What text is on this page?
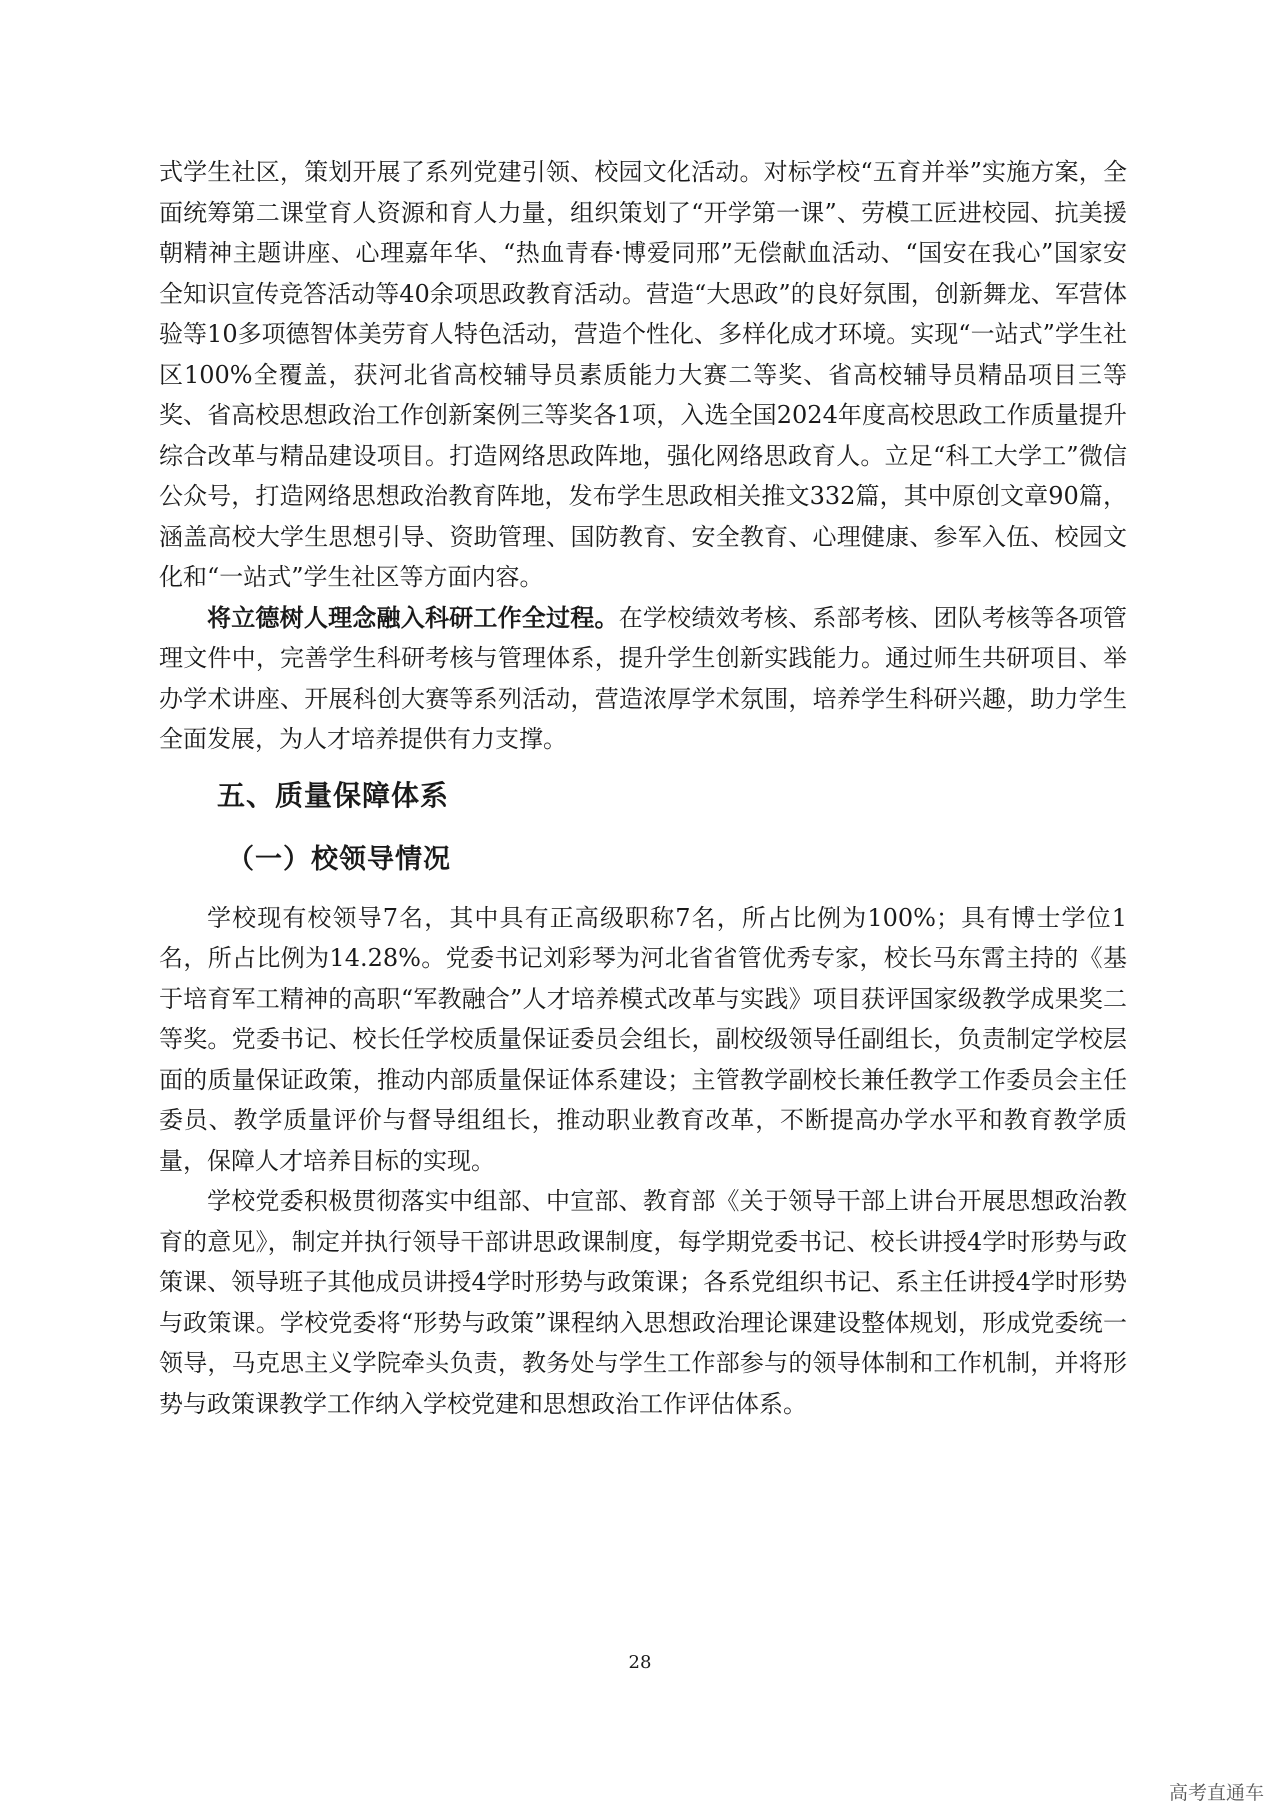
式学生社区，策划开展了系列党建引领、校园文化活动。对标学校“五育并举”实施方案，全面统筹第二课堂育人资源和育人力量，组织策划了“开学第一课”、劳模工匠进校园、抗美援朝精神主题讲座、心理嘉年华、“热血青春·博爱同邢”无偿献血活动、“国安在我心”国家安全知识宣传竞答活动等40余项思政教育活动。营造“大思政”的良好氛围，创新舞龙、军营体验等10多项德智体美劳育人特色活动，营造个性化、多样化成才环境。实现“一站式”学生社区100%全覆盖，获河北省高校辅导员素质能力大赛二等奖、省高校辅导员精品项目三等奖、省高校思想政治工作创新案例三等奖各1项，入选全国2024年度高校思政工作质量提升综合改革与精品建设项目。打造网络思政阵地，强化网络思政育人。立足“科工大学工”微信公众号，打造网络思想政治教育阵地，发布学生思政相关推文332篇，其中原创文章90篇，涵盖高校大学生思想引导、资助管理、国防教育、安全教育、心理健康、参军入伍、校园文化和“一站式”学生社区等方面内容。

将立德树人理念融入科研工作全过程。在学校绩效考核、系部考核、团队考核等各项管理文件中，完善学生科研考核与管理体系，提升学生创新实践能力。通过师生共研项目、举办学术讲座、开展科创大赛等系列活动，营造浓厚学术氛围，培养学生科研兴趣，助力学生全面发展，为人才培养提供有力支撑。

五、质量保障体系
（一）校领导情况

学校现有校领导7名，其中具有正高级职称7名，所占比例为100%；具有博士学位1名，所占比例为14.28%。党委书记刘彩琴为河北省省管优秀专家，校长马东霄主持的《基于培育军工精神的高职“军教融合”人才培养模式改革与实践》项目获评国家级教学成果奖二等奖。党委书记、校长任学校质量保证委员会组长，副校级领导任副组长，负责制定学校层面的质量保证政策，推动内部质量保证体系建设；主管教学副校长兼任教学工作委员会主任委员、教学质量评价与督导组组长，推动职业教育改革，不断提高办学水平和教育教学质量，保障人才培养目标的实现。

学校党委积极贯彻落实中组部、中宣部、教育部《关于领导干部上讲台开展思想政治教育的意见》，制定并执行领导干部讲思政课制度，每学期党委书记、校长讲授4学时形势与政策课、领导班子其他成员讲授4学时形势与政策课；各系党组织书记、系主任讲授4学时形势与政策课。学校党委将“形势与政策”课程纳入思想政治理论课建设整体规划，形成党委统一领导，马克思主义学院牵头负责，教务处与学生工作部参与的领导体制和工作机制，并将形势与政策课教学工作纳入学校党建和思想政治工作评估体系。

28
高考直通车
